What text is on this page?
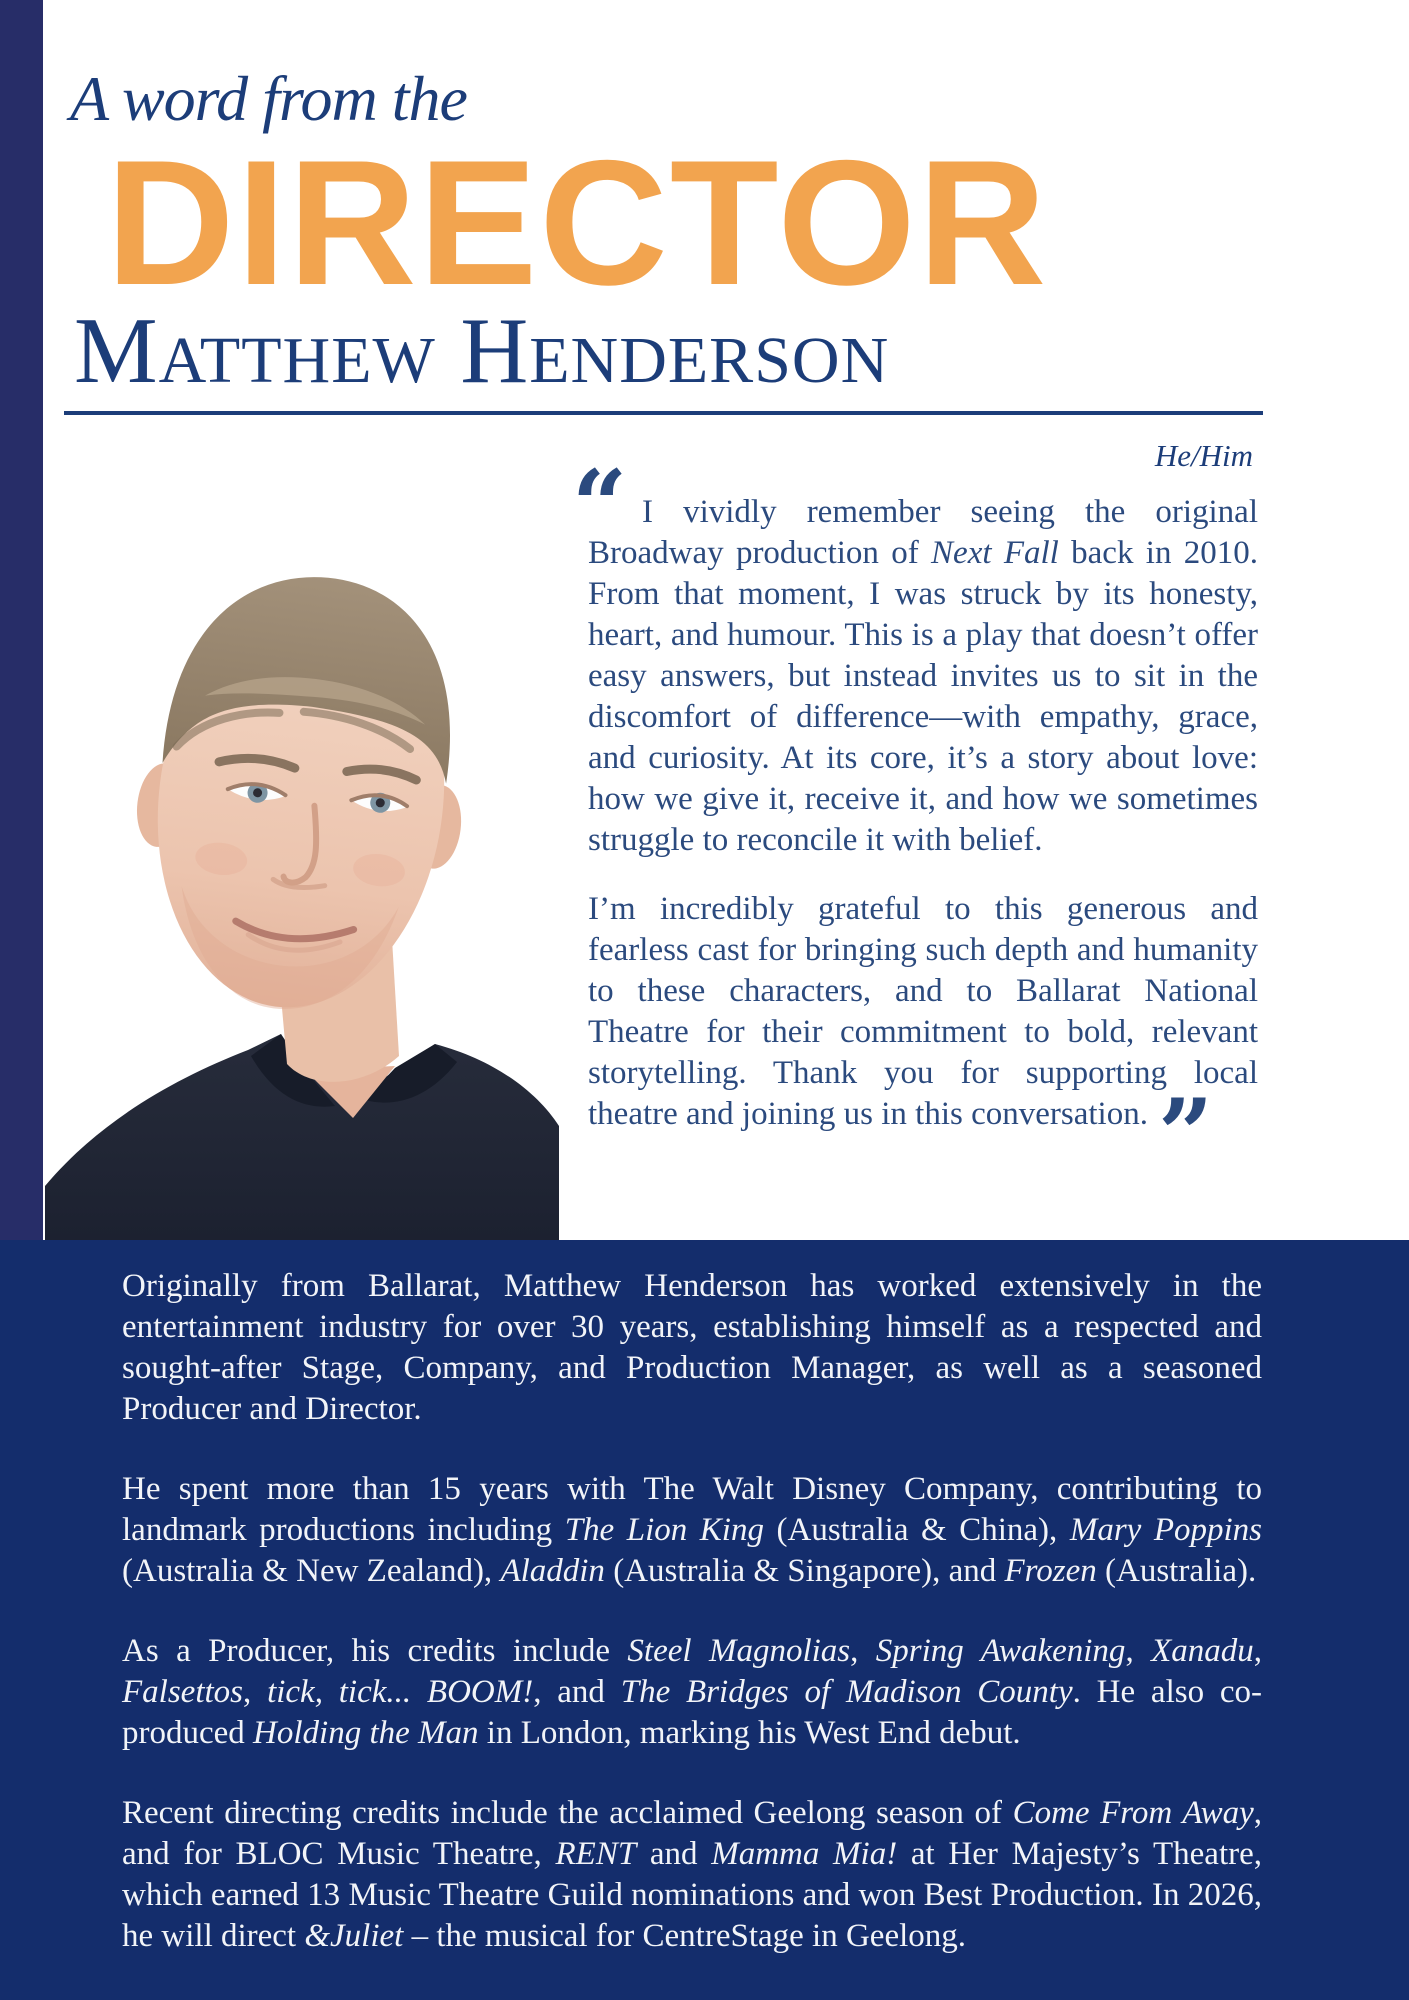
A word from the
DIRECTOR
Matthew Henderson
He/Him
“ I vividly remember seeing the original Broadway production of Next Fall back in 2010. From that moment, I was struck by its honesty, heart, and humour. This is a play that doesn’t offer easy answers, but instead invites us to sit in the discomfort of difference—with empathy, grace, and curiosity. At its core, it’s a story about love: how we give it, receive it, and how we sometimes struggle to reconcile it with belief.

I’m incredibly grateful to this generous and fearless cast for bringing such depth and humanity to these characters, and to Ballarat National Theatre for their commitment to bold, relevant storytelling. Thank you for supporting local theatre and joining us in this conversation. ”

Originally from Ballarat, Matthew Henderson has worked extensively in the entertainment industry for over 30 years, establishing himself as a respected and sought-after Stage, Company, and Production Manager, as well as a seasoned Producer and Director.

He spent more than 15 years with The Walt Disney Company, contributing to landmark productions including The Lion King (Australia & China), Mary Poppins (Australia & New Zealand), Aladdin (Australia & Singapore), and Frozen (Australia).

As a Producer, his credits include Steel Magnolias, Spring Awakening, Xanadu, Falsettos, tick, tick... BOOM!, and The Bridges of Madison County. He also co-produced Holding the Man in London, marking his West End debut.

Recent directing credits include the acclaimed Geelong season of Come From Away, and for BLOC Music Theatre, RENT and Mamma Mia! at Her Majesty’s Theatre, which earned 13 Music Theatre Guild nominations and won Best Production. In 2026, he will direct &Juliet – the musical for CentreStage in Geelong.
